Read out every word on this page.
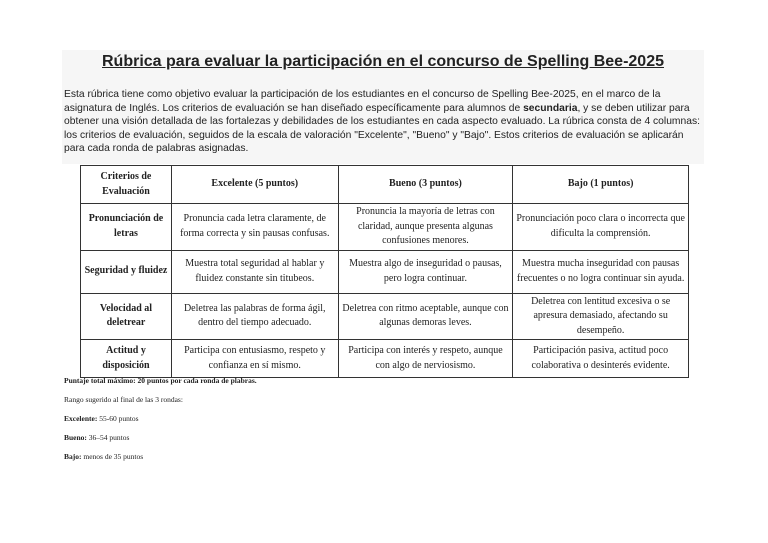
Rúbrica para evaluar la participación en el concurso de Spelling Bee-2025
Esta rúbrica tiene como objetivo evaluar la participación de los estudiantes en el concurso de Spelling Bee-2025, en el marco de la asignatura de Inglés. Los criterios de evaluación se han diseñado específicamente para alumnos de secundaria, y se deben utilizar para obtener una visión detallada de las fortalezas y debilidades de los estudiantes en cada aspecto evaluado. La rúbrica consta de 4 columnas: los criterios de evaluación, seguidos de la escala de valoración "Excelente", "Bueno" y "Bajo". Estos criterios de evaluación se aplicarán para cada ronda de palabras asignadas.
Criterios de Evaluación	Excelente (5 puntos)	Bueno (3 puntos)	Bajo (1 puntos)
Pronunciación de letras	Pronuncia cada letra claramente, de forma correcta y sin pausas confusas.	Pronuncia la mayoría de letras con claridad, aunque presenta algunas confusiones menores.	Pronunciación poco clara o incorrecta que dificulta la comprensión.
Seguridad y fluidez	Muestra total seguridad al hablar y fluidez constante sin titubeos.	Muestra algo de inseguridad o pausas, pero logra continuar.	Muestra mucha inseguridad con pausas frecuentes o no logra continuar sin ayuda.
Velocidad al deletrear	Deletrea las palabras de forma ágil, dentro del tiempo adecuado.	Deletrea con ritmo aceptable, aunque con algunas demoras leves.	Deletrea con lentitud excesiva o se apresura demasiado, afectando su desempeño.
Actitud y disposición	Participa con entusiasmo, respeto y confianza en sí mismo.	Participa con interés y respeto, aunque con algo de nerviosismo.	Participación pasiva, actitud poco colaborativa o desinterés evidente.

Puntaje total máximo: 20 puntos por cada ronda de plabras.

Rango sugerido al final de las 3 rondas:

Excelente: 55-60 puntos

Bueno: 36–54 puntos

Bajo: menos de 35 puntos
